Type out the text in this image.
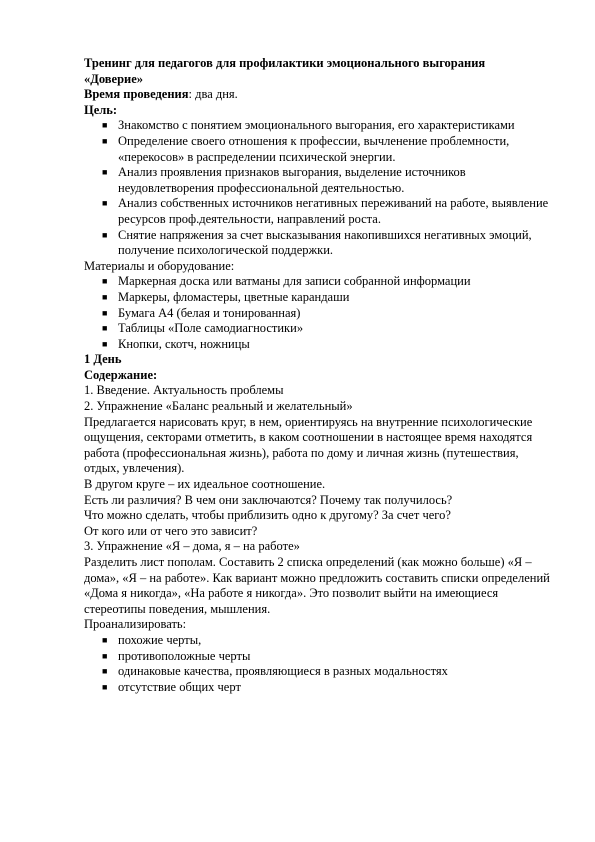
Тренинг для педагогов для профилактики эмоционального выгорания

«Доверие»

Время проведения: два дня.

Цель:

■ Знакомство с понятием эмоционального выгорания, его характеристиками
■ Определение своего отношения к профессии, вычленение проблемности, «перекосов» в распределении психической энергии.
■ Анализ проявления признаков выгорания, выделение источников неудовлетворения профессиональной деятельностью.
■ Анализ собственных источников негативных переживаний на работе, выявление ресурсов проф.деятельности, направлений роста.
■ Снятие напряжения за счет высказывания накопившихся негативных эмоций, получение психологической поддержки.

Материалы и оборудование:

■ Маркерная доска или ватманы для записи собранной информации
■ Маркеры, фломастеры, цветные карандаши
■ Бумага А4 (белая и тонированная)
■ Таблицы «Поле самодиагностики»
■ Кнопки, скотч, ножницы

1 День

Содержание:

1. Введение. Актуальность проблемы

2. Упражнение «Баланс реальный и желательный»

Предлагается нарисовать круг, в нем, ориентируясь на внутренние психологические ощущения, секторами отметить, в каком соотношении в настоящее время находятся работа (профессиональная жизнь), работа по дому и личная жизнь (путешествия, отдых, увлечения).

В другом круге – их идеальное соотношение.

Есть ли различия? В чем они заключаются? Почему так получилось?

Что можно сделать, чтобы приблизить одно к другому? За счет чего?

От кого или от чего это зависит?

3. Упражнение «Я – дома, я – на работе»

Разделить лист пополам. Составить 2 списка определений (как можно больше) «Я – дома», «Я – на работе». Как вариант можно предложить составить списки определений «Дома я никогда», «На работе я никогда». Это позволит выйти на имеющиеся стереотипы поведения, мышления.

Проанализировать:

■ похожие черты,
■ противоположные черты
■ одинаковые качества, проявляющиеся в разных модальностях
■ отсутствие общих черт
